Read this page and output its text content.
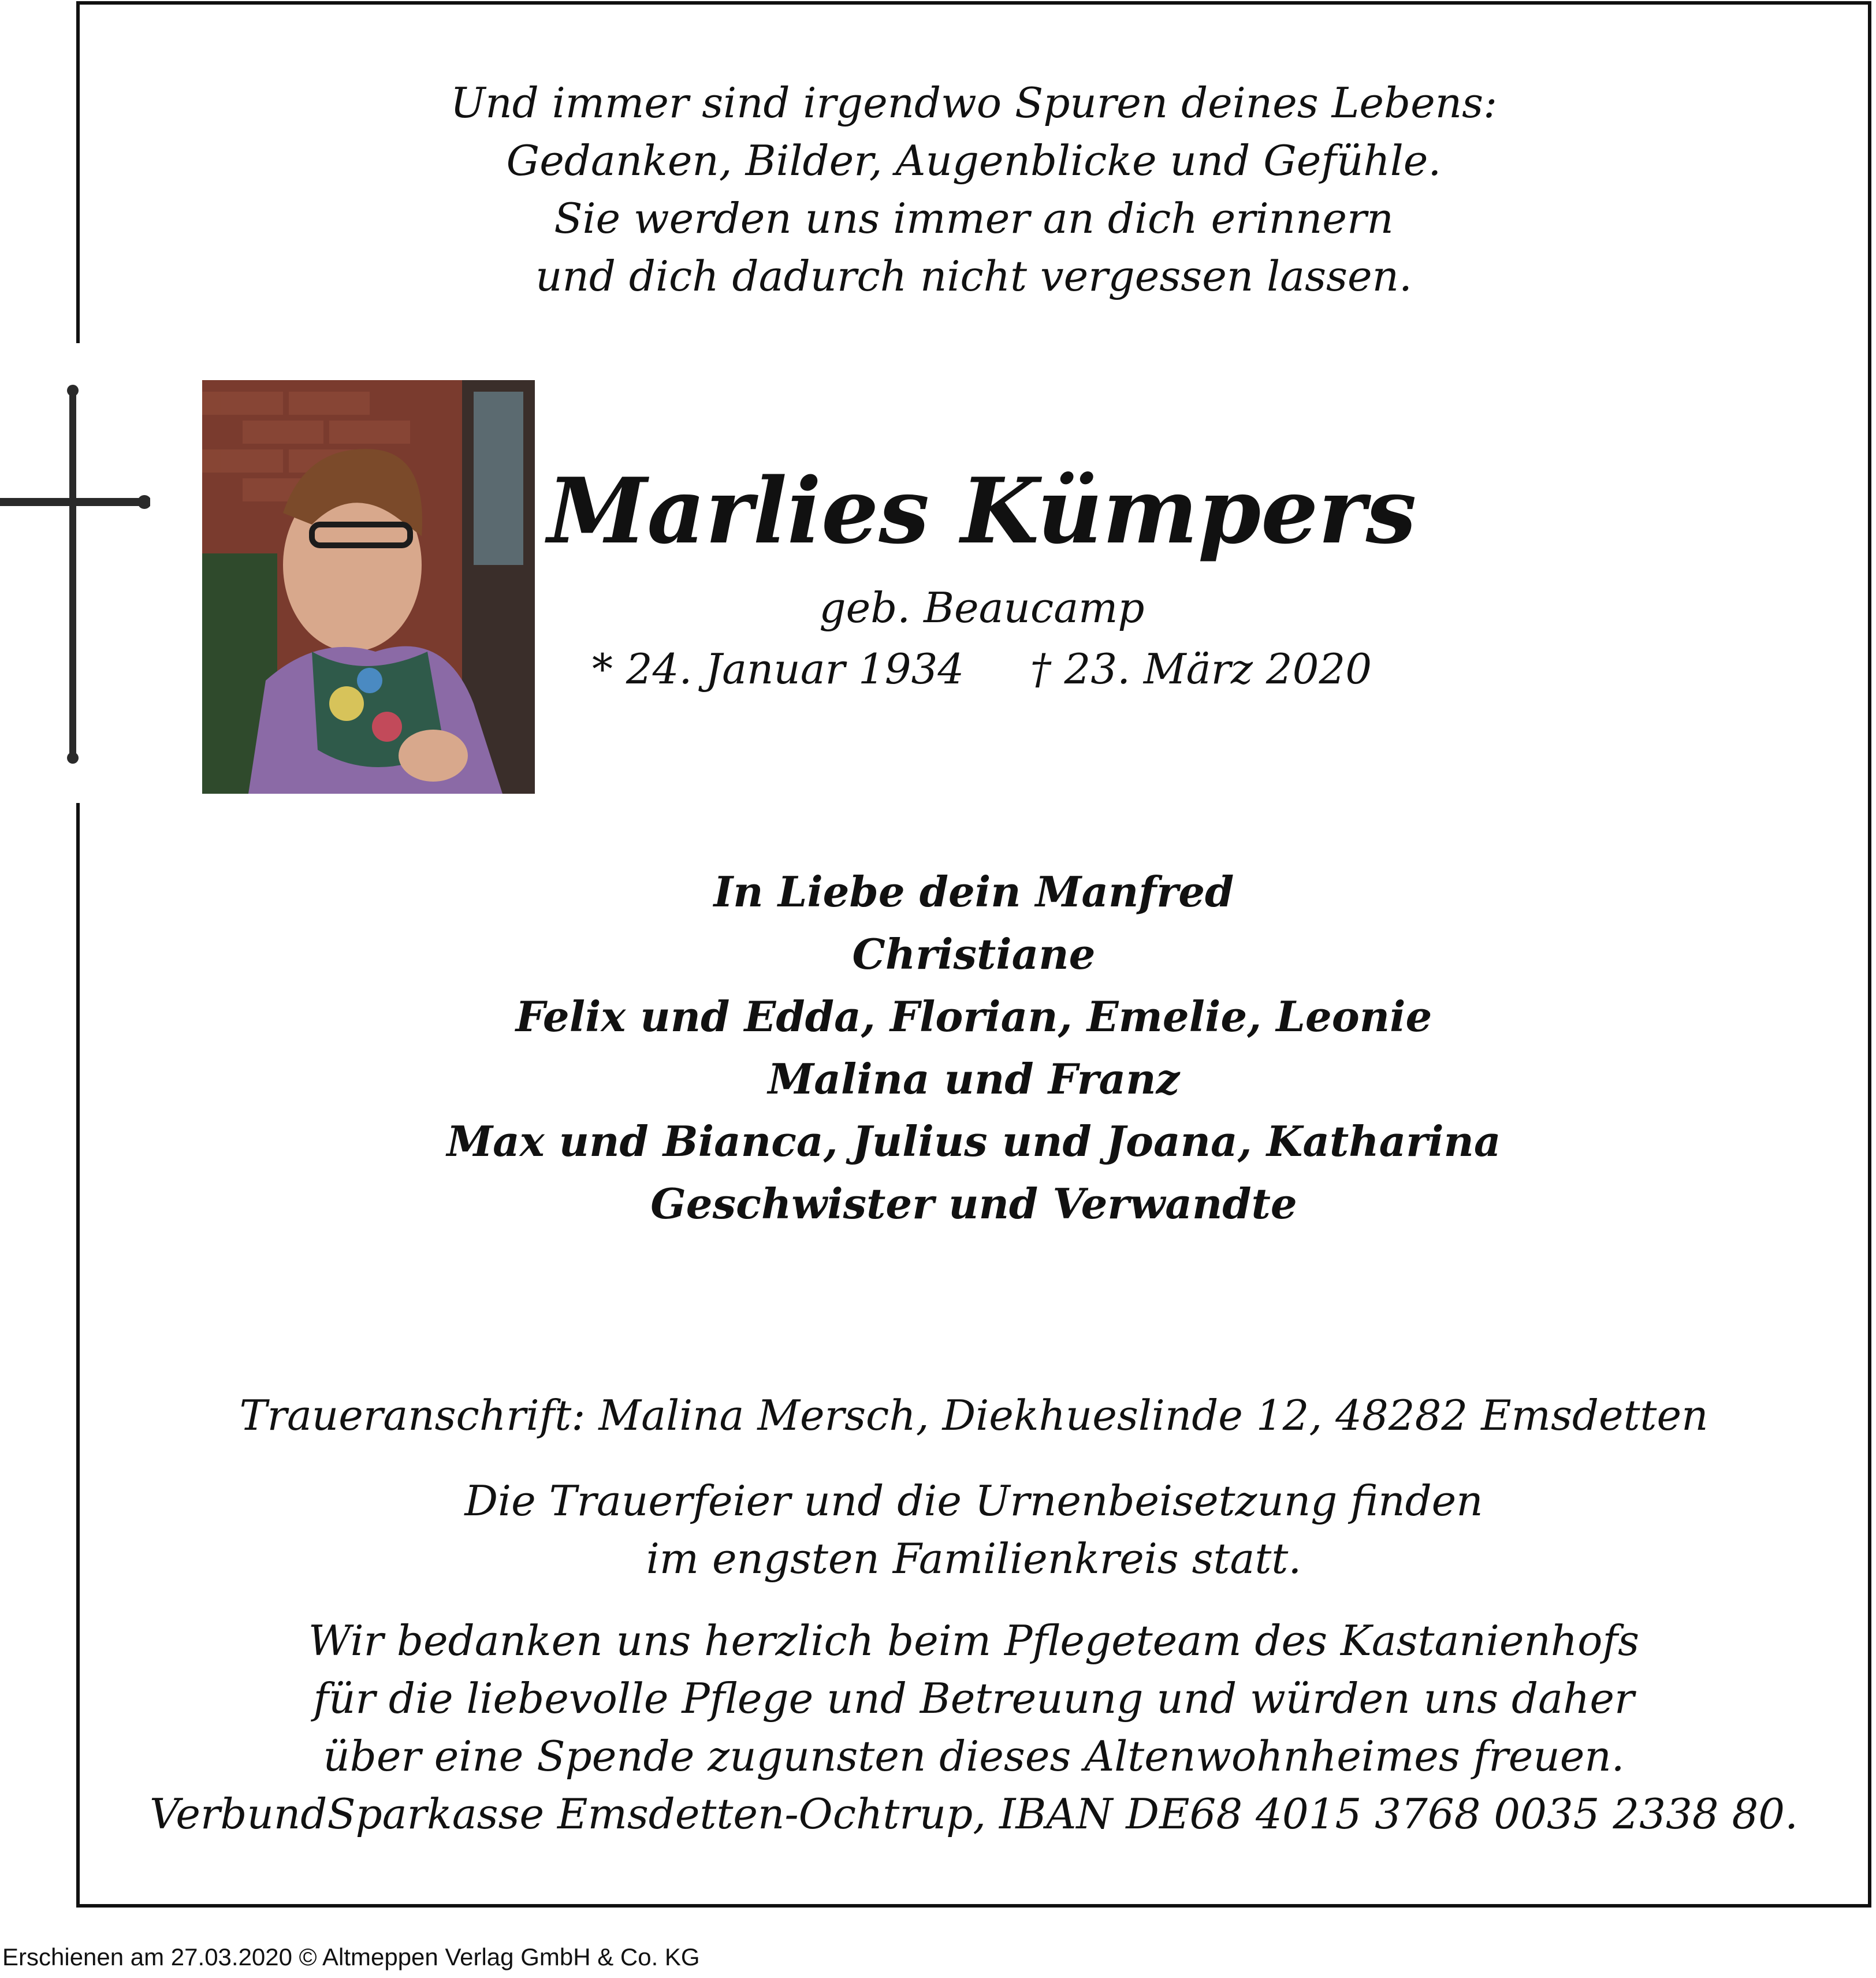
Und immer sind irgendwo Spuren deines Lebens:
Gedanken, Bilder, Augenblicke und Gefühle.
Sie werden uns immer an dich erinnern
und dich dadurch nicht vergessen lassen.
Marlies Kümpers
geb. Beaucamp
* 24. Januar 1934 † 23. März 2020
In Liebe dein Manfred
Christiane
Felix und Edda, Florian, Emelie, Leonie
Malina und Franz
Max und Bianca, Julius und Joana, Katharina
Geschwister und Verwandte
Traueranschrift: Malina Mersch, Diekhueslinde 12, 48282 Emsdetten
Die Trauerfeier und die Urnenbeisetzung finden
im engsten Familienkreis statt.
Wir bedanken uns herzlich beim Pflegeteam des Kastanienhofs
für die liebevolle Pflege und Betreuung und würden uns daher
über eine Spende zugunsten dieses Altenwohnheimes freuen.
VerbundSparkasse Emsdetten-Ochtrup, IBAN DE68 4015 3768 0035 2338 80.
Erschienen am 27.03.2020 © Altmeppen Verlag GmbH & Co. KG
